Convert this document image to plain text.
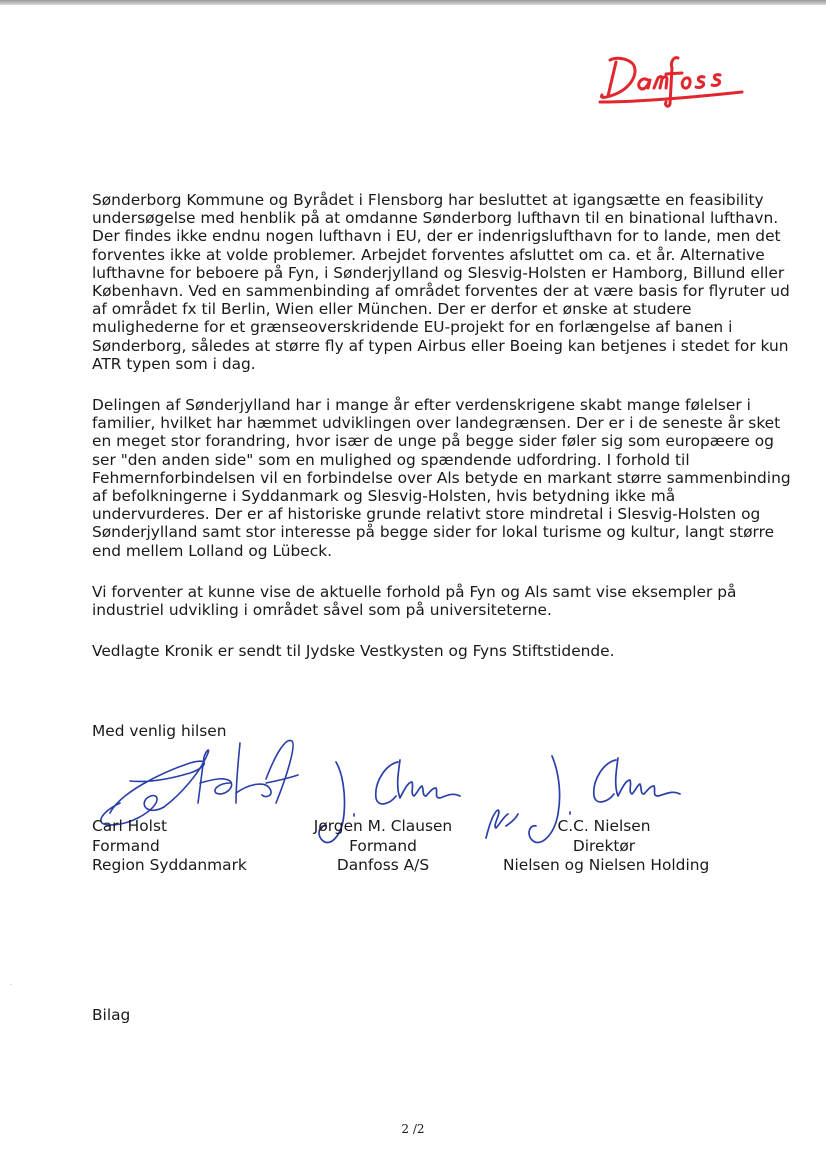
Sønderborg Kommune og Byrådet i Flensborg har besluttet at igangsætte en feasibility undersøgelse med henblik på at omdanne Sønderborg lufthavn til en binational lufthavn. Der findes ikke endnu nogen lufthavn i EU, der er indenrigslufthavn for to lande, men det forventes ikke at volde problemer. Arbejdet forventes afsluttet om ca. et år. Alternative lufthavne for beboere på Fyn, i Sønderjylland og Slesvig-Holsten er Hamborg, Billund eller København. Ved en sammenbinding af området forventes der at være basis for flyruter ud af området fx til Berlin, Wien eller München. Der er derfor et ønske at studere mulighederne for et grænseoverskridende EU-projekt for en forlængelse af banen i Sønderborg, således at større fly af typen Airbus eller Boeing kan betjenes i stedet for kun ATR typen som i dag.

Delingen af Sønderjylland har i mange år efter verdenskrigene skabt mange følelser i familier, hvilket har hæmmet udviklingen over landegrænsen. Der er i de seneste år sket en meget stor forandring, hvor især de unge på begge sider føler sig som europæere og ser "den anden side" som en mulighed og spændende udfordring. I forhold til Fehmernforbindelsen vil en forbindelse over Als betyde en markant større sammenbinding af befolkningerne i Syddanmark og Slesvig-Holsten, hvis betydning ikke må undervurderes. Der er af historiske grunde relativt store mindretal i Slesvig-Holsten og Sønderjylland samt stor interesse på begge sider for lokal turisme og kultur, langt større end mellem Lolland og Lübeck.

Vi forventer at kunne vise de aktuelle forhold på Fyn og Als samt vise eksempler på industriel udvikling i området såvel som på universiteterne.

Vedlagte Kronik er sendt til Jydske Vestkysten og Fyns Stiftstidende.

Med venlig hilsen
Carl Holst
Formand
Region Syddanmark
Jørgen M. Clausen
Formand
Danfoss A/S
C.C. Nielsen
Direktør
Nielsen og Nielsen Holding
Bilag
2 /2
